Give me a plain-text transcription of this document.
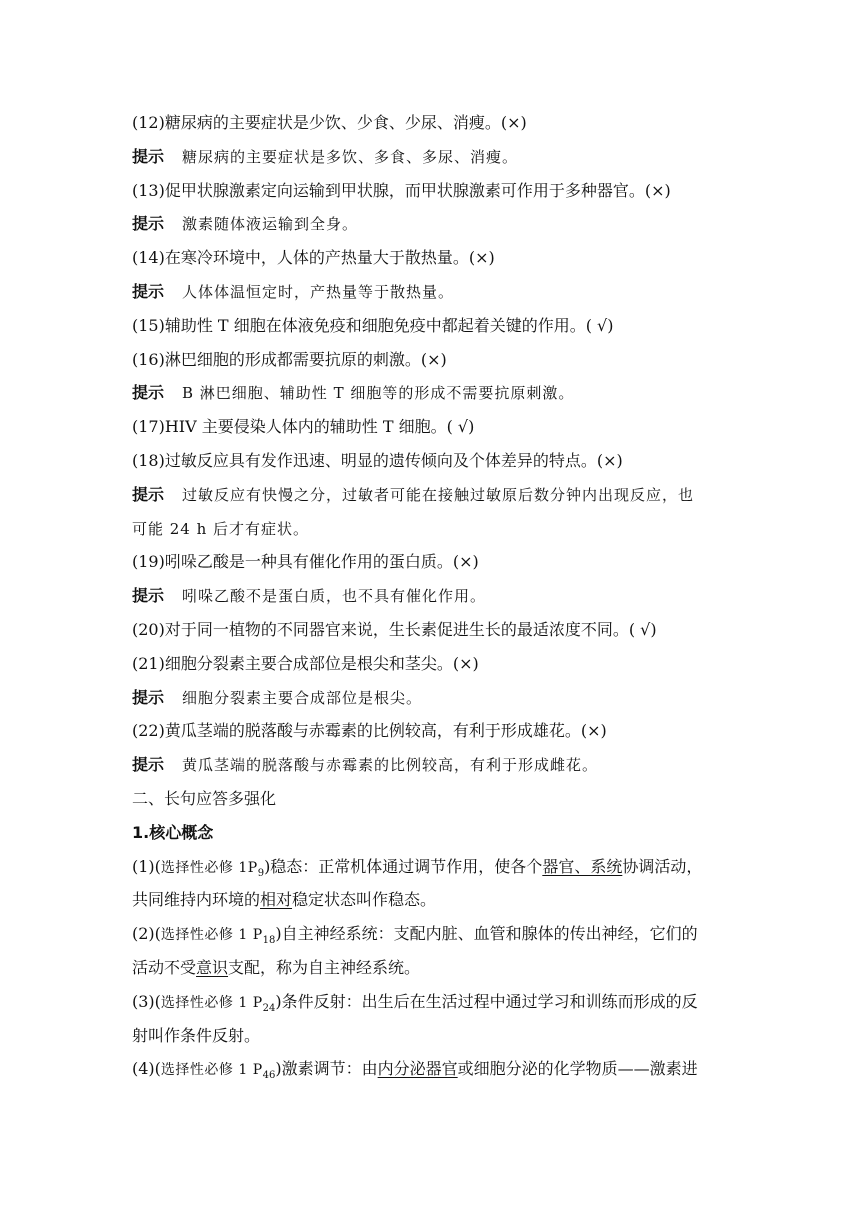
(12)糖尿病的主要症状是少饮、少食、少尿、消瘦。(×)
提示 糖尿病的主要症状是多饮、多食、多尿、消瘦。
(13)促甲状腺激素定向运输到甲状腺，而甲状腺激素可作用于多种器官。(×)
提示 激素随体液运输到全身。
(14)在寒冷环境中，人体的产热量大于散热量。(×)
提示 人体体温恒定时，产热量等于散热量。
(15)辅助性 T 细胞在体液免疫和细胞免疫中都起着关键的作用。( √)
(16)淋巴细胞的形成都需要抗原的刺激。(×)
提示 B 淋巴细胞、辅助性 T 细胞等的形成不需要抗原刺激。
(17)HIV 主要侵染人体内的辅助性 T 细胞。( √)
(18)过敏反应具有发作迅速、明显的遗传倾向及个体差异的特点。(×)
提示 过敏反应有快慢之分，过敏者可能在接触过敏原后数分钟内出现反应，也
可能 24 h 后才有症状。
(19)吲哚乙酸是一种具有催化作用的蛋白质。(×)
提示 吲哚乙酸不是蛋白质，也不具有催化作用。
(20)对于同一植物的不同器官来说，生长素促进生长的最适浓度不同。( √)
(21)细胞分裂素主要合成部位是根尖和茎尖。(×)
提示 细胞分裂素主要合成部位是根尖。
(22)黄瓜茎端的脱落酸与赤霉素的比例较高，有利于形成雄花。(×)
提示 黄瓜茎端的脱落酸与赤霉素的比例较高，有利于形成雌花。
二、长句应答多强化
1.核心概念
(1)(选择性必修 $1P_9$)稳态：正常机体通过调节作用，使各个器官、系统协调活动，
共同维持内环境的相对稳定状态叫作稳态。
(2)(选择性必修 1 $P_{18}$)自主神经系统：支配内脏、血管和腺体的传出神经，它们的
活动不受意识支配，称为自主神经系统。
(3)(选择性必修 1 $P_{24}$)条件反射：出生后在生活过程中通过学习和训练而形成的反
射叫作条件反射。
(4)(选择性必修 1 $P_{46}$)激素调节：由内分泌器官或细胞分泌的化学物质——激素进
